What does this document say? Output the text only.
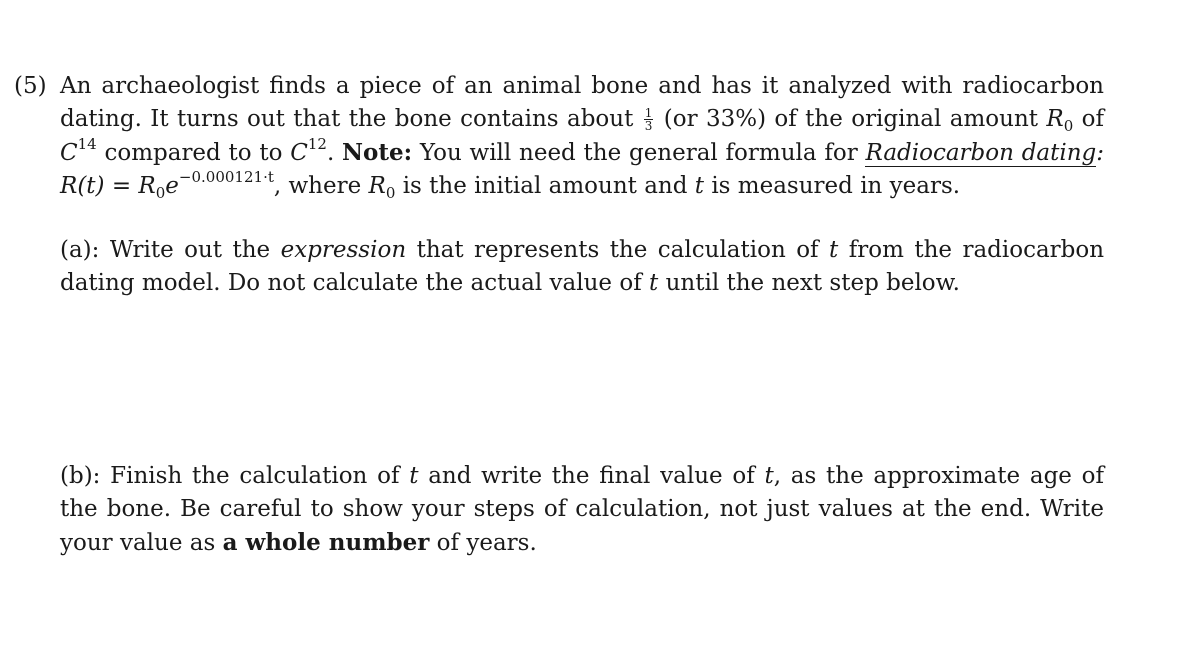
(5) An archaeologist finds a piece of an animal bone and has it analyzed with radiocarbon dating. It turns out that the bone contains about $\frac{1}{3} (or$ 33%) of the original amount $R_0$ of $C^{14}$ compared to to $C^{12}$. Note: You will need the general formula for Radiocarbon dating: $R(t) = R_0e^{-0.000121\cdot t}$, where $R_0$ is the initial amount and t is measured in years.

(a): Write out the expression that represents the calculation of t from the radiocarbon dating model. Do not calculate the actual value of t until the next step below.

(b): Finish the calculation of t and write the final value of t, as the approximate age of the bone. Be careful to show your steps of calculation, not just values at the end. Write your value as a whole number of years.
